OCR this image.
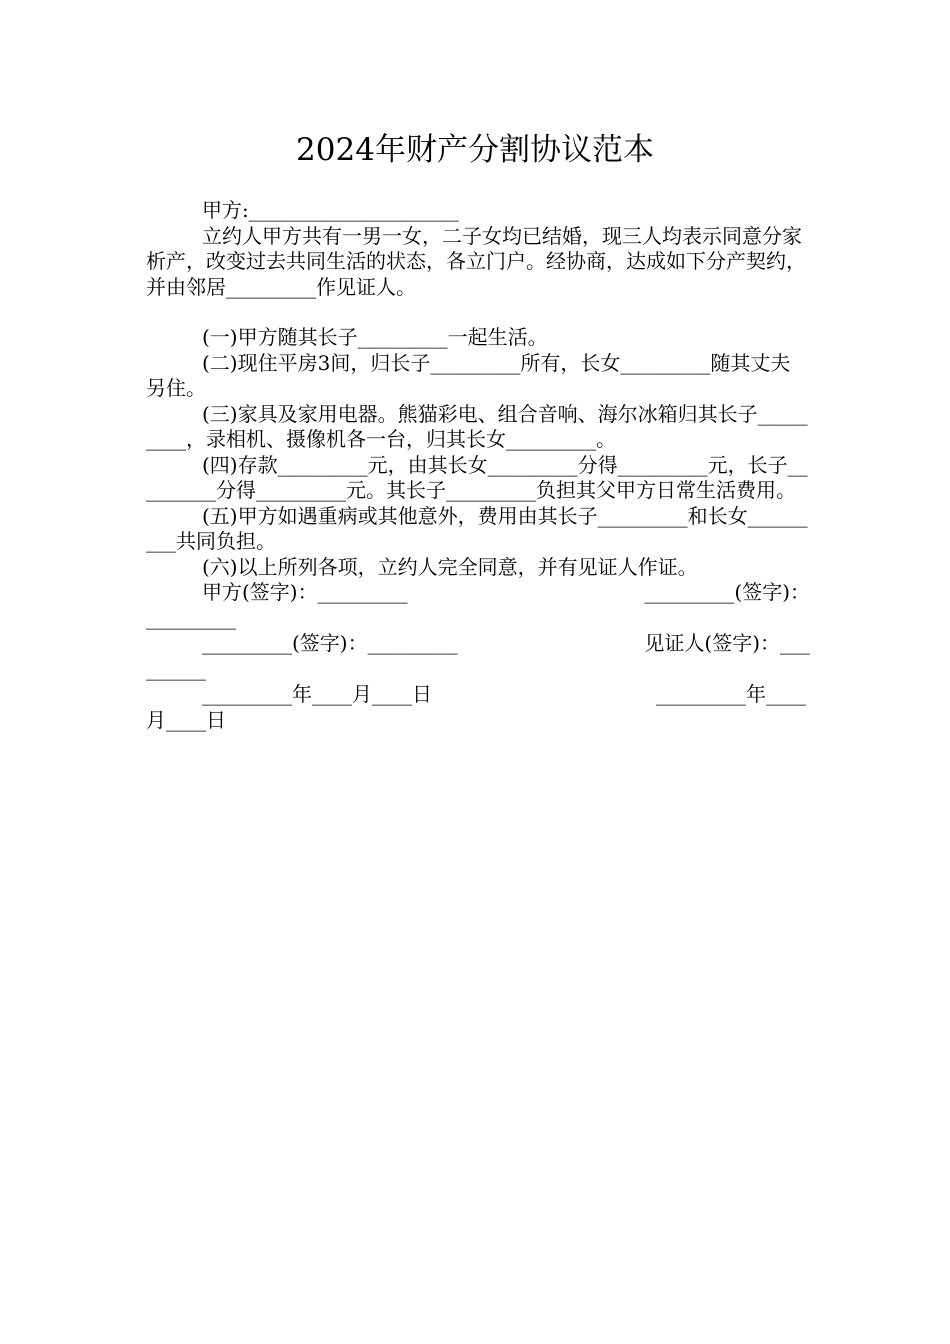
2024年财产分割协议范本

甲方:_____________________

立约人甲方共有一男一女，二子女均已结婚，现三人均表示同意分家析产，改变过去共同生活的状态，各立门户。经协商，达成如下分产契约，并由邻居_________作见证人。

(一)甲方随其长子_________一起生活。

(二)现住平房3间，归长子_________所有，长女_________随其丈夫另住。

(三)家具及家用电器。熊猫彩电、组合音响、海尔冰箱归其长子_________，录相机、摄像机各一台，归其长女_________。

(四)存款_________元，由其长女_________分得_________元，长子_________分得_________元。其长子_________负担其父甲方日常生活费用。

(五)甲方如遇重病或其他意外，费用由其长子_________和长女_________共同负担。

(六)以上所列各项，立约人完全同意，并有见证人作证。

甲方(签字)：_________	_________(签字)：
_________
_________(签字)：_________	见证人(签字)：___
______
_________年____月____日	_________年____
月____日
